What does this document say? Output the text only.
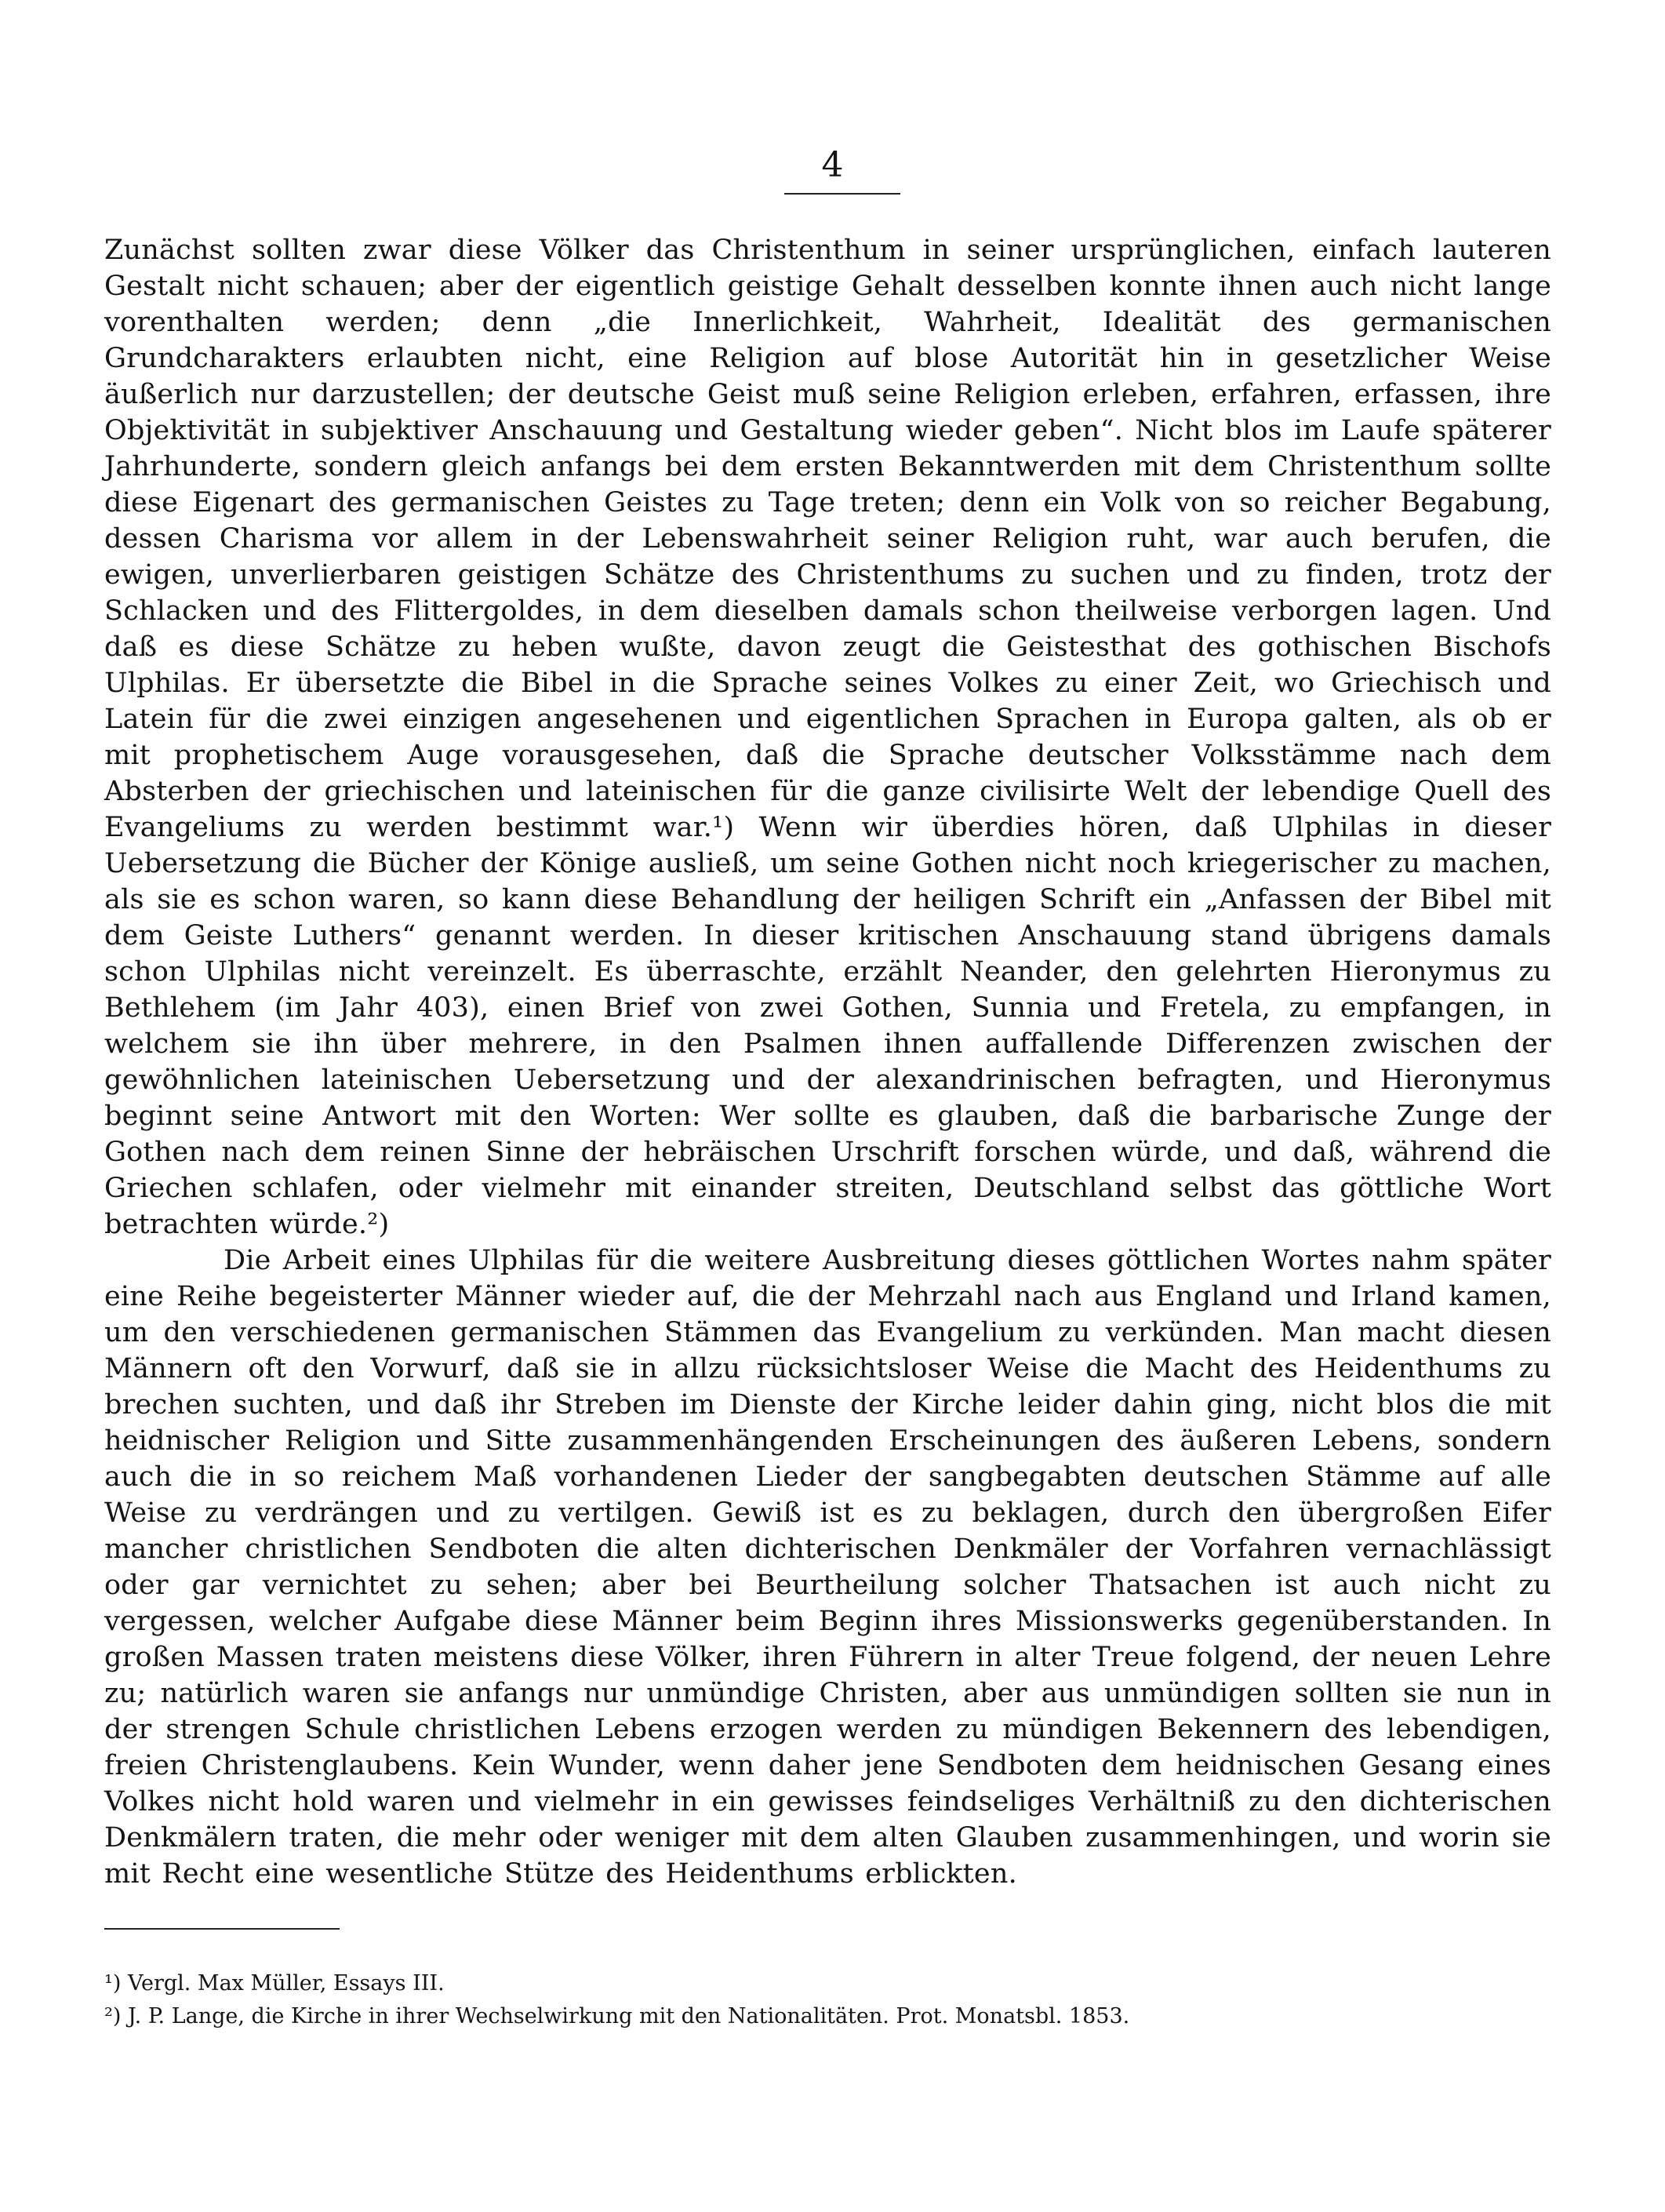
4

Zunächst sollten zwar diese Völker das Christenthum in seiner ursprünglichen, einfach lauteren Gestalt nicht schauen; aber der eigentlich geistige Gehalt desselben konnte ihnen auch nicht lange vorenthalten werden; denn „die Innerlichkeit, Wahrheit, Idealität des germanischen Grundcharakters erlaubten nicht, eine Religion auf blose Autorität hin in gesetzlicher Weise äußerlich nur darzustellen; der deutsche Geist muß seine Religion erleben, erfahren, erfassen, ihre Objektivität in subjektiver Anschauung und Gestaltung wieder geben“. Nicht blos im Laufe späterer Jahrhunderte, sondern gleich anfangs bei dem ersten Bekanntwerden mit dem Christenthum sollte diese Eigenart des germanischen Geistes zu Tage treten; denn ein Volk von so reicher Begabung, dessen Charisma vor allem in der Lebenswahrheit seiner Religion ruht, war auch berufen, die ewigen, unverlierbaren geistigen Schätze des Christenthums zu suchen und zu finden, trotz der Schlacken und des Flittergoldes, in dem dieselben damals schon theilweise verborgen lagen. Und daß es diese Schätze zu heben wußte, davon zeugt die Geistesthat des gothischen Bischofs Ulphilas. Er übersetzte die Bibel in die Sprache seines Volkes zu einer Zeit, wo Griechisch und Latein für die zwei einzigen angesehenen und eigentlichen Sprachen in Europa galten, als ob er mit prophetischem Auge vorausgesehen, daß die Sprache deutscher Volksstämme nach dem Absterben der griechischen und lateinischen für die ganze civilisirte Welt der lebendige Quell des Evangeliums zu werden bestimmt war.¹) Wenn wir überdies hören, daß Ulphilas in dieser Uebersetzung die Bücher der Könige ausließ, um seine Gothen nicht noch kriegerischer zu machen, als sie es schon waren, so kann diese Behandlung der heiligen Schrift ein „Anfassen der Bibel mit dem Geiste Luthers“ genannt werden. In dieser kritischen Anschauung stand übrigens damals schon Ulphilas nicht vereinzelt. Es überraschte, erzählt Neander, den gelehrten Hieronymus zu Bethlehem (im Jahr 403), einen Brief von zwei Gothen, Sunnia und Fretela, zu empfangen, in welchem sie ihn über mehrere, in den Psalmen ihnen auffallende Differenzen zwischen der gewöhnlichen lateinischen Uebersetzung und der alexandrinischen befragten, und Hieronymus beginnt seine Antwort mit den Worten: Wer sollte es glauben, daß die barbarische Zunge der Gothen nach dem reinen Sinne der hebräischen Urschrift forschen würde, und daß, während die Griechen schlafen, oder vielmehr mit einander streiten, Deutschland selbst das göttliche Wort betrachten würde.²)

Die Arbeit eines Ulphilas für die weitere Ausbreitung dieses göttlichen Wortes nahm später eine Reihe begeisterter Männer wieder auf, die der Mehrzahl nach aus England und Irland kamen, um den verschiedenen germanischen Stämmen das Evangelium zu verkünden. Man macht diesen Männern oft den Vorwurf, daß sie in allzu rücksichtsloser Weise die Macht des Heidenthums zu brechen suchten, und daß ihr Streben im Dienste der Kirche leider dahin ging, nicht blos die mit heidnischer Religion und Sitte zusammenhängenden Erscheinungen des äußeren Lebens, sondern auch die in so reichem Maß vorhandenen Lieder der sangbegabten deutschen Stämme auf alle Weise zu verdrängen und zu vertilgen. Gewiß ist es zu beklagen, durch den übergroßen Eifer mancher christlichen Sendboten die alten dichterischen Denkmäler der Vorfahren vernachlässigt oder gar vernichtet zu sehen; aber bei Beurtheilung solcher Thatsachen ist auch nicht zu vergessen, welcher Aufgabe diese Männer beim Beginn ihres Missionswerks gegenüberstanden. In großen Massen traten meistens diese Völker, ihren Führern in alter Treue folgend, der neuen Lehre zu; natürlich waren sie anfangs nur unmündige Christen, aber aus unmündigen sollten sie nun in der strengen Schule christlichen Lebens erzogen werden zu mündigen Bekennern des lebendigen, freien Christenglaubens. Kein Wunder, wenn daher jene Sendboten dem heidnischen Gesang eines Volkes nicht hold waren und vielmehr in ein gewisses feindseliges Verhältniß zu den dichterischen Denkmälern traten, die mehr oder weniger mit dem alten Glauben zusammenhingen, und worin sie mit Recht eine wesentliche Stütze des Heidenthums erblickten.

¹) Vergl. Max Müller, Essays III.

²) J. P. Lange, die Kirche in ihrer Wechselwirkung mit den Nationalitäten. Prot. Monatsbl. 1853.
